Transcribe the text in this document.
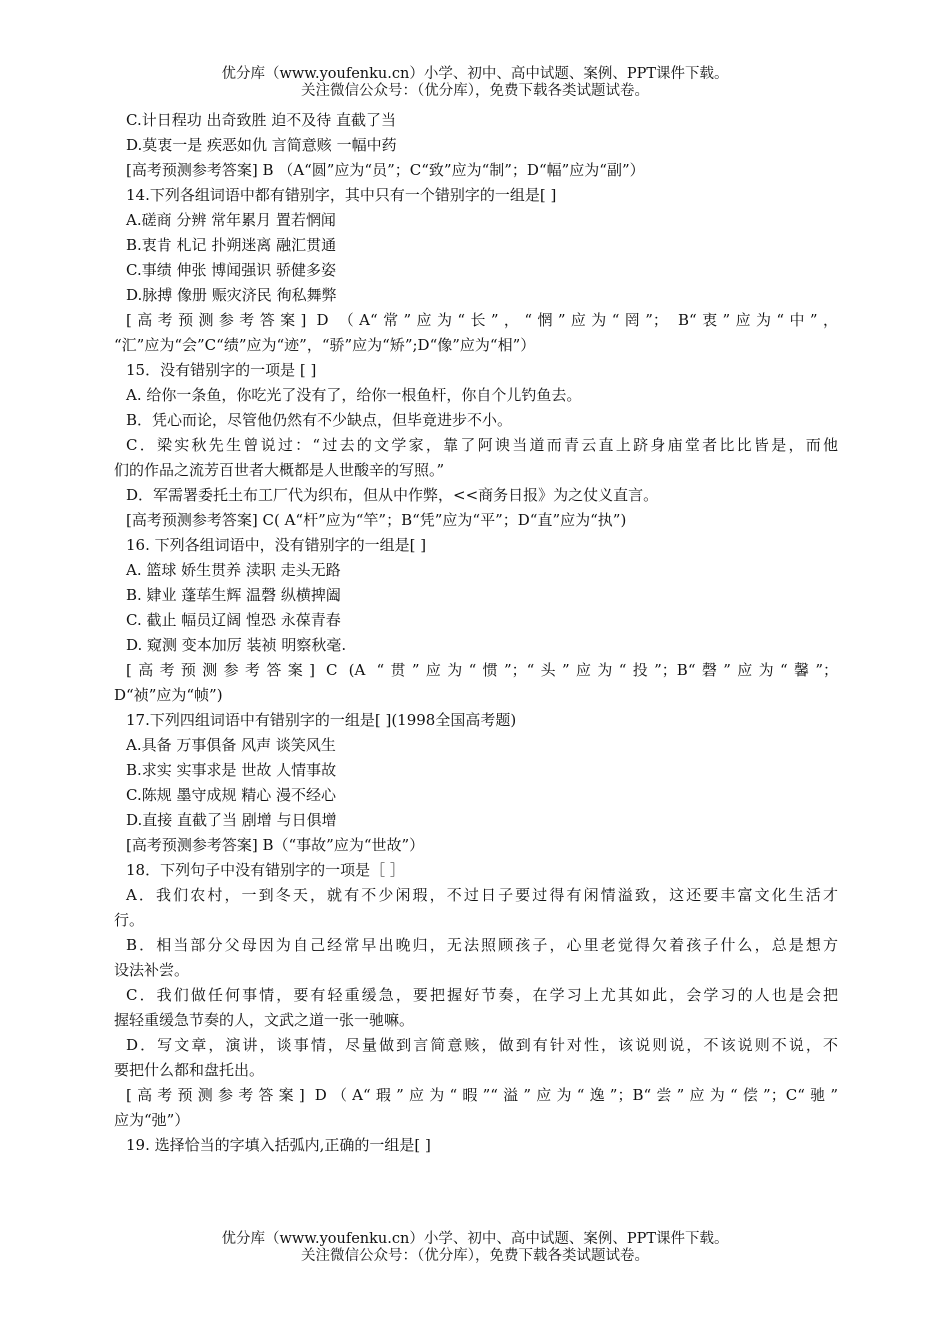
优分库（www.youfenku.cn）小学、初中、高中试题、案例、PPT课件下载。
关注微信公众号：（优分库），免费下载各类试题试卷。
C.计日程功 出奇致胜 迫不及待 直截了当
D.莫衷一是 疾恶如仇 言简意赅 一幅中药
[高考预测参考答案] B （A“圆”应为“员”；C“致”应为“制”；D“幅”应为“副”）
14.下列各组词语中都有错别字，其中只有一个错别字的一组是[ ]
A.磋商 分辨 常年累月 置若惘闻
B.衷肯 札记 扑朔迷离 融汇贯通
C.事绩 伸张 博闻强识 骄健多姿
D.脉搏 像册 赈灾济民 徇私舞弊
[高考预测参考答案] D （A“常”应为“长”，“惘”应为“罔”； B“衷”应为“中”，
“汇”应为“会”C“绩”应为“迹”，“骄”应为“矫”;D“像”应为“相”）
15．没有错别字的一项是 [ ]
A. 给你一条鱼，你吃光了没有了，给你一根鱼杆，你自个儿钓鱼去。
B．凭心而论，尽管他仍然有不少缺点，但毕竟进步不小。
C．梁实秋先生曾说过：“过去的文学家，靠了阿谀当道而青云直上跻身庙堂者比比皆是，而他
们的作品之流芳百世者大概都是人世酸辛的写照。”
D．军需署委托土布工厂代为织布，但从中作弊，<<商务日报》为之仗义直言。
[高考预测参考答案] C( A“杆”应为“竿”；B“凭”应为“平”；D“直”应为“执”)
16. 下列各组词语中，没有错别字的一组是[ ]
A. 篮球 娇生贯养 渎职 走头无路
B. 肄业 蓬荜生辉 温磬 纵横捭阖
C. 截止 幅员辽阔 惶恐 永葆青春
D. 窥测 变本加厉 装祯 明察秋毫.
[高考预测参考答案] C (A “贯”应为“惯”；“头”应为“投”；B“磬”应为“馨”；
D“祯”应为“帧”)
17.下列四组词语中有错别字的一组是[ ](1998全国高考题)
A.具备 万事俱备 风声 谈笑风生
B.求实 实事求是 世故 人情事故
C.陈规 墨守成规 精心 漫不经心
D.直接 直截了当 剧增 与日俱增
[高考预测参考答案] B（“事故”应为“世故”）
18．下列句子中没有错别字的一项是［ ］
A．我们农村，一到冬天，就有不少闲瑕，不过日子要过得有闲情溢致，这还要丰富文化生活才
行。
B．相当部分父母因为自己经常早出晚归，无法照顾孩子，心里老觉得欠着孩子什么，总是想方
设法补尝。
C．我们做任何事情，要有轻重缓急，要把握好节奏，在学习上尤其如此，会学习的人也是会把
握轻重缓急节奏的人，文武之道一张一驰嘛。
D．写文章，演讲，谈事情，尽量做到言简意赅，做到有针对性，该说则说，不该说则不说，不
要把什么都和盘托出。
[高考预测参考答案] D（A“瑕”应为“暇”“溢”应为“逸”；B“尝”应为“偿”；C“驰”
应为“弛”）
19. 选择恰当的字填入括弧内,正确的一组是[ ]
优分库（www.youfenku.cn）小学、初中、高中试题、案例、PPT课件下载。
关注微信公众号：（优分库），免费下载各类试题试卷。
